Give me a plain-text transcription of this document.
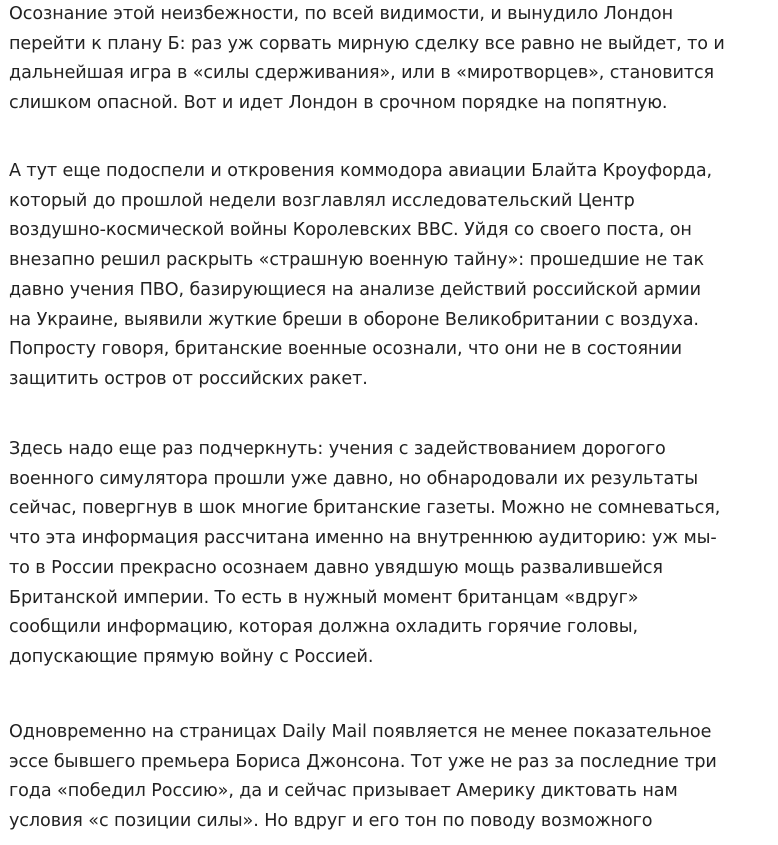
Осознание этой неизбежности, по всей видимости, и вынудило Лондон
перейти к плану Б: раз уж сорвать мирную сделку все равно не выйдет, то и
дальнейшая игра в «силы сдерживания», или в «миротворцев», становится
слишком опасной. Вот и идет Лондон в срочном порядке на попятную.

А тут еще подоспели и откровения коммодора авиации Блайта Кроуфорда,
который до прошлой недели возглавлял исследовательский Центр
воздушно-космической войны Королевских ВВС. Уйдя со своего поста, он
внезапно решил раскрыть «страшную военную тайну»: прошедшие не так
давно учения ПВО, базирующиеся на анализе действий российской армии
на Украине, выявили жуткие бреши в обороне Великобритании с воздуха.
Попросту говоря, британские военные осознали, что они не в состоянии
защитить остров от российских ракет.

Здесь надо еще раз подчеркнуть: учения с задействованием дорогого
военного симулятора прошли уже давно, но обнародовали их результаты
сейчас, повергнув в шок многие британские газеты. Можно не сомневаться,
что эта информация рассчитана именно на внутреннюю аудиторию: уж мы-
то в России прекрасно осознаем давно увядшую мощь развалившейся
Британской империи. То есть в нужный момент британцам «вдруг»
сообщили информацию, которая должна охладить горячие головы,
допускающие прямую войну с Россией.

Одновременно на страницах Daily Mail появляется не менее показательное
эссе бывшего премьера Бориса Джонсона. Тот уже не раз за последние три
года «победил Россию», да и сейчас призывает Америку диктовать нам
условия «с позиции силы». Но вдруг и его тон по поводу возможного
